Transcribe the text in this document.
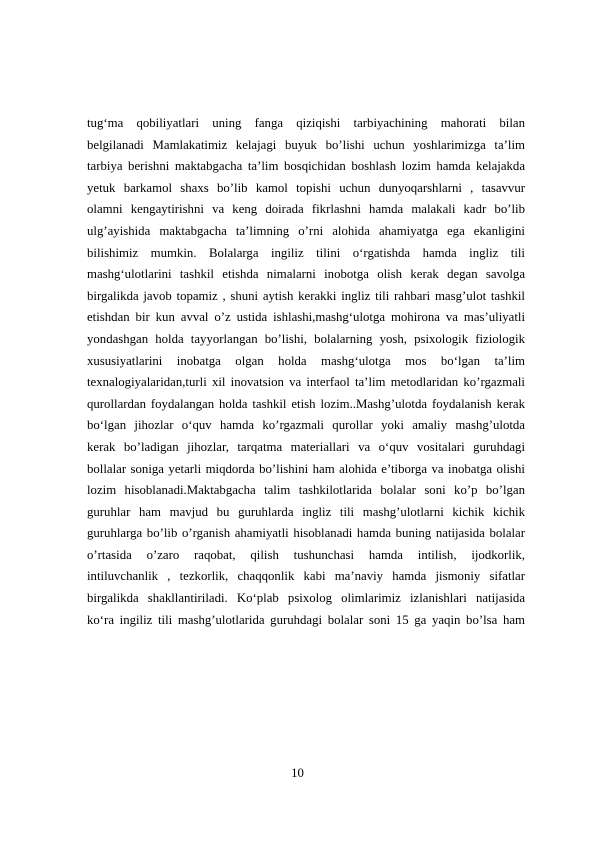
tug‘ma qobiliyatlari uning fanga qiziqishi tarbiyachining mahorati bilan
belgilanadi Mamlakatimiz kelajagi buyuk bo’lishi uchun yoshlarimizga ta’lim
tarbiya berishni maktabgacha ta’lim bosqichidan boshlash lozim hamda kelajakda
yetuk barkamol shaxs bo’lib kamol topishi uchun dunyoqarshlarni , tasavvur
olamni kengaytirishni va keng doirada fikrlashni hamda malakali kadr bo’lib
ulg’ayishida maktabgacha ta’limning o’rni alohida ahamiyatga ega ekanligini
bilishimiz mumkin. Bolalarga ingiliz tilini o‘rgatishda hamda ingliz tili
mashg‘ulotlarini tashkil etishda nimalarni inobotga olish kerak degan savolga
birgalikda javob topamiz , shuni aytish kerakki ingliz tili rahbari masg’ulot tashkil
etishdan bir kun avval o’z ustida ishlashi,mashg‘ulotga mohirona va mas’uliyatli
yondashgan holda tayyorlangan bo’lishi, bolalarning yosh, psixologik fiziologik
xususiyatlarini inobatga olgan holda mashg‘ulotga mos bo‘lgan ta’lim
texnalogiyalaridan,turli xil inovatsion va interfaol ta’lim metodlaridan ko’rgazmali
qurollardan foydalangan holda tashkil etish lozim..Mashg’ulotda foydalanish kerak
bo‘lgan jihozlar o‘quv hamda ko’rgazmali qurollar yoki amaliy mashg’ulotda
kerak bo’ladigan jihozlar, tarqatma materiallari va o‘quv vositalari guruhdagi
bollalar soniga yetarli miqdorda bo’lishini ham alohida e’tiborga va inobatga olishi
lozim hisoblanadi.Maktabgacha talim tashkilotlarida bolalar soni ko’p bo’lgan
guruhlar ham mavjud bu guruhlarda ingliz tili mashg’ulotlarni kichik kichik
guruhlarga bo’lib o’rganish ahamiyatli hisoblanadi hamda buning natijasida bolalar
o’rtasida o’zaro raqobat, qilish tushunchasi hamda intilish, ijodkorlik,
intiluvchanlik , tezkorlik, chaqqonlik kabi ma’naviy hamda jismoniy sifatlar
birgalikda shakllantiriladi. Ko‘plab psixolog olimlarimiz izlanishlari natijasida
ko‘ra ingiliz tili mashg’ulotlarida guruhdagi bolalar soni 15 ga yaqin bo’lsa ham
10
